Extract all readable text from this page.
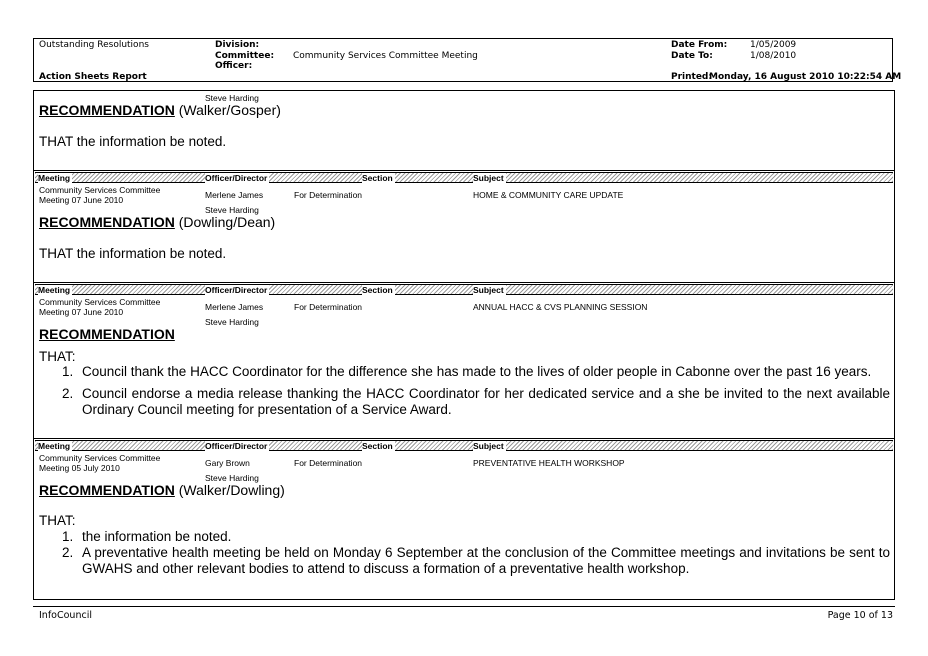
Outstanding Resolutions
Action Sheets Report
Division:
Committee: Community Services Committee Meeting
Officer:
Date From:	1/05/2009
Date To:	1/08/2010
Printed:
Monday, 16 August 2010 10:22:54 AM
Steve Harding
RECOMMENDATION (Walker/Gosper)
THAT the information be noted.
Meeting	Officer/Director	Section	Subject
Community Services Committee
Meeting 07 June 2010	Merlene James	For Determination	HOME & COMMUNITY CARE UPDATE
Steve Harding
RECOMMENDATION (Dowling/Dean)
THAT the information be noted.
Meeting	Officer/Director	Section	Subject
Community Services Committee
Meeting 07 June 2010	Merlene James	For Determination	ANNUAL HACC & CVS PLANNING SESSION
Steve Harding
RECOMMENDATION
THAT:
1. Council thank the HACC Coordinator for the difference she has made to the lives of older people in Cabonne over the past 16 years.
2. Council endorse a media release thanking the HACC Coordinator for her dedicated service and a she be invited to the next available Ordinary Council meeting for presentation of a Service Award.
Meeting	Officer/Director	Section	Subject
Community Services Committee
Meeting 05 July 2010	Gary Brown	For Determination	PREVENTATIVE HEALTH WORKSHOP
Steve Harding
RECOMMENDATION (Walker/Dowling)
THAT:
1. the information be noted.
2. A preventative health meeting be held on Monday 6 September at the conclusion of the Committee meetings and invitations be sent to GWAHS and other relevant bodies to attend to discuss a formation of a preventative health workshop.
InfoCouncil	Page 10 of 13
